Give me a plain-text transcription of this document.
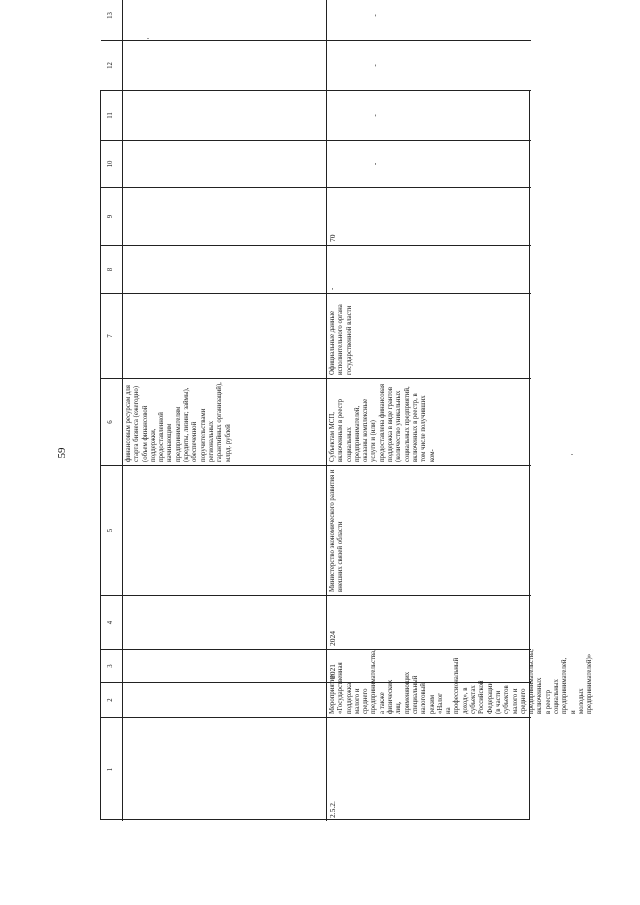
59
1
2
3
4
5
6
7
8
9
10
11
12
13
финансовым ресурсам для старта бизнеса (ежегодно) (объем финансовой поддержки, предоставленной начинающим предпринимателям (кредиты, лизинг, займы), обеспеченной поручительствами региональных гарантийных организаций), млрд. рублей
2.5.2.
Мероприятие «Государственная поддержка малого и среднего предпринимательства, а также физических лиц, применяющих специальный налоговый режим «Налог на профессиональный доход», в субъектах Российской Федерации (в части субъектов малого и среднего предпринимательства, включенных в реестр социальных предпринимателей, и молодых предпринимателей)»
2021
2024
Министерство экономического развития и внешних связей области
Субъектам МСП, включенным в реестр социальных предпринимателей, оказаны комплексные услуги и (или) предоставлена финансовая поддержка в виде грантов (количество уникальных социальных предприятий, включенных в реестр, в том числе получивших ком-
Официальные данные исполнительного органа государственной власти
-
70
-
-
-
-
